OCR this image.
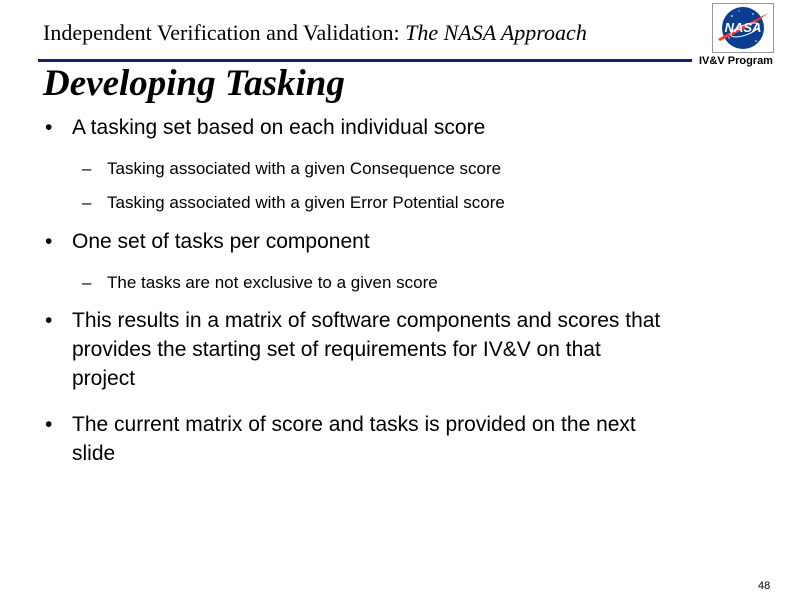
Independent Verification and Validation: The NASA Approach	NASA
IV&V Program
Developing Tasking
• A tasking set based on each individual score
– Tasking associated with a given Consequence score
– Tasking associated with a given Error Potential score
• One set of tasks per component
– The tasks are not exclusive to a given score
• This results in a matrix of software components and scores that
provides the starting set of requirements for IV&V on that
project
• The current matrix of score and tasks is provided on the next
slide
48
